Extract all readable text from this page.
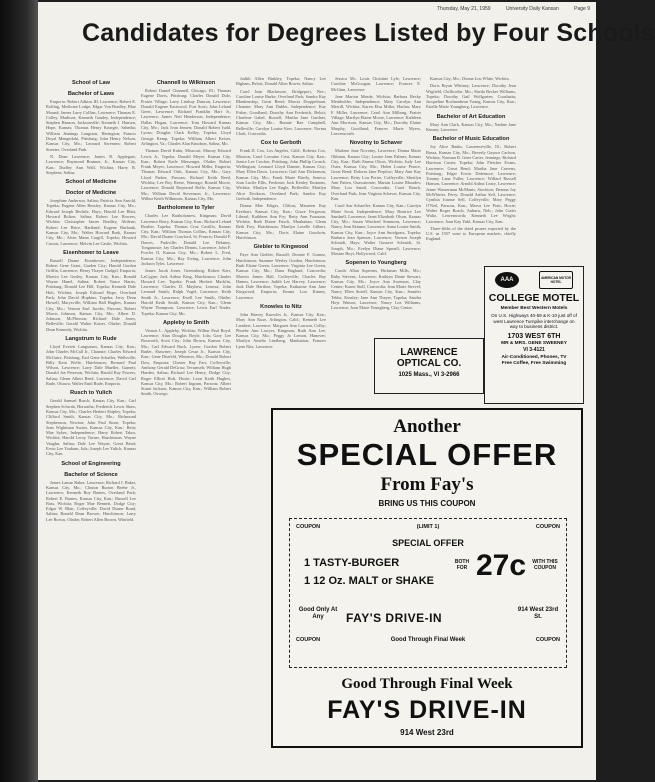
Thursday, May 21, 1959	University Daily Kansan	Page 9
Candidates for Degrees Listed by Four Schools
School of Law
Bachelor of Laws

Emporia: Robert Adkins III, Lawrence; Robert E. Rolfing, Medicine Lodge; Edgar Von Bradley, Blue Mound; James Larry Collins, Lawrence; Thomas E. Colley, Madison; Kenneth Gaudey, Independence; Stephen Hanson, Jacksonville; Kenneth J. Hansen, Hope, Kansas; Thomas Henry Krueger, Sabetha; William Jennings Langston, Herington; Francis Doyal Mengedoht, Pittsburg; John Henry Nelson, Kansas City, Mo.; Leonard Sorensen; Robert Streeter, Overland Park.

N. Dean Lawrence; James R. Applegate, Lawrence; Raymond Brunner, Jr., Kansas City, Kan.; Dudley Ann Wall, Wichita; Harry R. Stephens, Salina.

School of Medicine
Doctor of Medicine

Josephine Anderson, Salina; Patricia Ann Arnold, Topeka; Eugene Allen Beasley, Kansas City, Mo.; Edward Joseph Bechtle, Hays; Harold Lee Blatt, Howard Bolton, Salina; Robert Lee Bowers, Wichita; Christopher James Bradley, Abilene; Robert Lee Brice, Hartland; Eugene Burbank, Kansas City, Mo.; Walter Howard Burk, Kansas City, Mo.; Alvin Mann Cargill, Topeka; Howard Carson, Lawrence; Melvin Lee Castle, Wichita.

Eisenhower to Leave

Russell Duane Eisenhower, Independence; Robert Gene Grant, Garden City; Harold Gordon Griffin, Lawrence; Henry Thayer Gudgel, Emporia; Marvin Lee Gurley, Kansas City, Kan.; Ronald Wayne Hanel, Salina; Robert Vance Harris, Pittsburg; Donald Lee Hill, Topeka; Kenneth Dale Holt, Wichita; Joseph Edward Hope, Overland Park; John David Hopkins, Topeka; Jerry Dean Howell, Marysville; William Hall Hughes, Kansas City, Mo.; Vernon Earl Jacobs, Parsons; Robert Morris Johnson, Kansas City, Mo.; Albert D. Johnson, McPherson; Richard Dale Jones, Belleville; Gerald Walter Kaiser, Olathe; Donald Dean Kennedy, Wichita.

Langstrum to Rude

Lloyd Everett Langstrum, Kansas City, Kan.; John Charles McCall Jr., Chanute; Charles Edward McGuire, Pittsburg; Earl Gene Schaffer, Wellsville; Billy Kent Wolfe, Hutchinson; Bernard Paul Wilson, Lawrence; Larry Dale Mueller, Garnett; Donald Joe Peterson, Wichita; Harold Ray Powers, Salina; Glenn Albert Reed, Lawrence; David Carl Rude, Ottawa; Walter Emil Rude, Emporia.

Rusch to Yulich

Gerald Samuel Rusch, Kansas City, Kan.; Carl Stephen Schwab, Hiawatha; Frederick Lewis Shaw, Kansas City, Mo.; Charles Herbert Shipley, Topeka; Clifford Smith, Kansas City, Mo.; Richmond Stephenson, Newton; John Paul Stone, Topeka; Jean Wightman Swain, Kansas City, Kan.; Betty Mae Sykes, Independence; Harry Robert Tabor, Wichita; Harold Leroy Turner, Hutchinson; Wayne Vaughn, Salina; Dale Lee Wayne, Great Bend; Ervin Lee Yoakum, Iola; Joseph Lee Yulich, Kansas City, Kan.

School of Engineering
Bachelor of Science

James Lamar Baker, Lawrence; Richard J. Baker, Kansas City, Mo.; Clinton Burton Beebe Jr., Lawrence; Kenneth Roy Barnes, Overland Park; Robert E. Barnes, Kansas City, Kan.; Russell Lee Bass, Wichita; Roger Mae Bennett, Dodge City; Edgar W. Blair, Coffeyville; David Duane Bond, Salina; Ronald Dean Brower, Hutchinson; Larry Lee Brown, Olathe; Robert Allen Brown, Winfield.

Channell to Wilkinson

Robert Daniel Channell, Chicago, Ill.; Thomas Eugene Davis, Pittsburg; Charles Donald Dole, Prairie Village; Larry Lindsay Duncan, Lawrence; Donald Eugene Eastwood, Fort Scott; John Leland Greer, Lawrence; Richard Franklin Hart Jr., Lawrence; James Neil Henderson, Independence; Dallas Hogan, Lawrence; Tom Howard Kansas City, Mo.; Jack Ivan Jensen; Donald Robert Judd, Lyons; Douglas Clark Kelley, Topeka; Lloyd George Kemp, Topeka; William Albert Keiser, Arlington, Va.; Charles Alan Knudson, Salina, Mo.

Thomas David Kuhn, Missouri; Murray Edward Lewis Jr., Topeka; Donald Meyer, Kansas City, Kan.; Robert Karle Messenger, Olathe; Robert Frank Meyer, Lawrence; Howard Miller, Emporia; Thomas Edward Orth, Kansas City, Mo.; Gary Lloyd Parker, Parsons; Richard Keith Reed, Wichita; Lee Roy Reese, Wamego; Ronald Moore, Lawrence; Donald Raymond Rolfe, Kansas City, Mo.; William David Stevenson, Jr., Lawrence; Wilbur Keith Wilkinson, Kansas City, Mo.

Bartholomew to Tyler

Charles Lee Bartholomew, Kingman; David Lawrence Berry, Kansas City, Kan.; Richard Leland Boulter, Topeka; Thomas Cruz Castillo, Kansas City, Kan.; William Thomas Collins, Kansas City, Mo.; David Duane Crawford, St. Francis; Donald F. Dawes, Parkville; Donald Lee Delaney, Tonganoxie; Jay Charles Dennis, Lawrence; John F. Fowler II, Kansas City, Mo.; Robert L. Fred, Kansas City, Mo.; Ray Ewing, Lawrence; John Jackson Tyler, Lawrence.

James Jacob Jones, Greensburg; Robert Kerr, LaCygne; Jack Arthur King, Hutchinson; Charles Howard Lee, Topeka; Frank Herbert Macklin, Lawrence; Charles D. Mayhew, Lenexa; John Leonard Smith; Ralph Vogel, Lawrence; Keith Smith Jr., Lawrence; Ewell Lee Smith, Olathe; Harold Keith Smith, Kansas City, Kan.; Glenn Wayne Thompson, Lawrence; Lewis Earl Tinder, Topeka; Kansas City, Mo.

Appleby to Smith

Vernon L. Appleby, Wichita; Wilbur Paul Boyd, Lawrence; Alan Douglas Boyle, Iola; Gary Lee Bosworth, Scott City; John Brown, Kansas City, Mo.; Carl Edward Buck, Lyons; Gordon Robert Butler, Shawnee; Joseph Cesar Jr., Kansas City, Kan.; Gene Ditzfeld, Wheaton, Mo.; Donald Robert Dow, Emporia; Chester Ray Farr, Coffeyville; Anthony Gerald DeGraw, Tecumseh; William Hugh Harden, Salina; Richard Lee Henry, Dodge City; Roger Elliott Holt, Hoxie; Leon Keith Hughes, Kansas City, Mo.; Robert Ingram, Parsons; Albert Stuart Jackson, Kansas City, Kan.; William Robert Smith, Oswego.

Judith Allen Binkley, Topeka; Nancy Lee Bigham, Beloit; Donald Allen Bower, Salina.

Carol Jean Blackmore, Bridgeport, Nev.; Caroline Louise Burke, Overland Park; Sandra Kay Blankenship, Great Bend; Marcia Droppelman, Chanute; Mary Ann Dubler, Independence; Kay Fisher, Goodland; Dorothy Ann Frederick, Beloit; Charlene Gabel, Russell; Martha Jane Gardner, Kansas City, Mo.; Bonnie Rae Campbell, Belleville; Carolyn Louise Kerr, Lawrence; Norma Clark, Concordia.

Cox to Gerboth

Frank D. Cox, Los Angeles, Calif.; Roberta Cox, Mission; Carol Lorraine Crist, Kansas City, Kan.; Janice Lee Crocker, Pittsburg; John Phillip Crouch, Wellington; Leonard Lloyd Danner, Kansas City; Mary Ellen Davis, Lawrence; Gail Ann Dickenson, Kansas City, Mo.; Frank Marie Eberly, Seneca; Joan Lucile Ellis, Fredonia; Jack Kenley Emmons, Wichita; Marilyn Lee Engle, Belleville; Marilyn Alice Erickson, Overland Park; Sandra Kay Gerboth, Independence.

Donna Mae Ediger, Clifton; Maureen Kay Everhart, Kansas City, Kan.; Grace Ferguson, Liberal; Kathleen Ann Fry; Betty Ann Fountain, Wichita; Ruth Elaine Frisch, Manhattan; Glenn Beth Frey, Hutchinson; Marilyn Lavelle Gilbert, Kansas City, Mo.; Doris Elaine Goodwin, Hutchinson.

Giebler to Kingwood

Faye Ann Giebler, Russell; Donnie F. Gomez, Hutchinson; Suzanne Wesley Gorden, Hutchinson; Ruth Elaine Green, Lawrence; Virginia Lee Green, Kansas City, Mo.; Dana Haglund, Concordia; Marvin James Hall, Coffeyville; Charles Ray Hamm, Lawrence; Judith Lee Harvey, Lawrence; Jack Dale Hartline, Topeka; Katharine Ann Jane Kingwood, Emporia; Emma Lou Kinney, Lawrence.

Knowles to Nitz

John Harvey Knowles Jr., Kansas City, Kan.; Mary Ann Kuse, Arlington, Calif.; Kenneth Lee Lambert, Lawrence; Margaret Ann Lawson, Colby; Phoebe Ann Lawyer, Kingman; Ruth Ann Lee, Kansas City, Mo.; Peggy Jo Lemon, Hanover; Marilyn Amelia Lindberg, Manhattan; Frances Lynn Nitz, Lawrence.

Jessica Mc. Louis Christine Lyle, Lawrence; Caroline McGoogan, Lawrence; Frances E. McGinn, Lawrence.

Jane Marion Meade, Wichita; Barbara Becky Meinbolder, Independence; Mary Carolyn Ann Merrill, Wichita; Karen Elsa Miller, Harlan; Mary F. Miller, Lawrence; Carol Ann Milburg, Prairie Village; Marilyn Elaine Moore, Lawrence; Kathleen Ann Morrison, Kansas City, Mo.; Dorothy Elaine Murphy, Goodland; Frances Marie Myers, Leavenworth.

Novotny to Schaver

Marlene Jane Novotny, Lawrence; Donna Marie Ohlman, Kansas City; Louise Jean Palmer, Kansas City, Kan.; Ruth Emma Olson, Wichita; Judy Lee Oster, Kansas City, Mo.; Helen Louise Pearce, Great Bend; Dolores Jane Pieplow; Mary Ann Kay Lawrence; Betty Lou Porter, Coffeyville; Sherilyn Ann Patten, Osawatomie; Marian Louise Rhoades; Mary Lou Sandt, Concordia; Carol Ranch, Overland Park; Jean Virginia Schaver, Kansas City, Kan.

Carol Sue Schaeffer, Kansas City, Kan.; Carolyn Marie Scott, Independence; Mary Beatrice Lee Sandaell, Lawrence; Janet Elizabeth Olson, Kansas City, Mo.; Susan Winifred Simmons, Lawrence; Nancy Jean Skinner, Lawrence; Anna Louise Smith, Kansas City, Kan.; Joyce Ann Snodgrass, Topeka; Barbara Jean Spencer, Lawrence; Vernon Joseph Schmidt, Hays; Walter Gustave Schmidt, St. Joseph, Mo.; Evelyn Diane Spruell, Lawrence; Maxine Hoyt, Hollywood, Calif.

Sopenen to Youngberg

Carole Allan Sopenen, Hickman Mills, Mo.; Ruby Stevens, Lawrence; Kathryn Diane Stewart, Kansas City, Mo.; Joyce Ann Swenson, Clay Center; Karen Stoll, Concordia; Jean Marie Strevel; Nancy Ellen Strieff, Kansas City, Kan.; Jennifer Tebbe, Kinsley; Jane Ann Thayer, Topeka; Sandra Hoyt Watson, Lawrence; Nancy Lea Williams, Lawrence; Joan Marie Youngberg, Clay Center.

Kansas City, Mo.; Donna Lou White, Wichita.

Doris Bryan Whitney, Lawrence; Dorothy Jean Wigfield, Chillicothe, Mo.; Sheila Becker Williams, Topeka; Dorothy Gail Wollgarten, Coushatta; Jacqueline Rochambeau Young, Kansas City, Kan.; Estelle Marie Youngberg, Lawrence.

Bachelor of Art Education

Mary Ann Clark, Kansas City, Mo.; Nadine Jane Kinney, Lawrence.

Bachelor of Music Education

Joy Alice Banks, Lawrenceville, Ill.; Robert Bussa, Kansas City, Mo.; Beverly Gaynor Carlson, Wichita; Norman D. Gene Carter, Jennings; Richard Harrison Custer, Topeka; John Fletcher Evans, Lawrence; Great Bend; Martha Jane Cravens, Pittsburg; Edgar Erwin Dittemore, Lawrence; Tommy Lane Fuller, Lawrence; Willard Russell Hanson, Lawrence; Arnold Arthur Leary, Lawrence; Jaime Wasserman McManis, Stockton; Deanna Joy McWhirter, Perry; Donald Arthur Sell, Lawrence; Cynthia Joanne Sell, Coffeyville; Mary Peggy O'Neil, Parsons, Kan.; Marva Lee Pratt, Hoxie; Walter Roger Roach, Auburn, Neb.; John Curtis Waltz, Leavenworth; Kenneth Lee Wright; Lawrence; Joan Kay Yukl, Kansas City, Kan.

Three-fifths of the dried prunes exported by the U.S. in 1957 went to European markets, chiefly England.

LAWRENCE
OPTICAL CO.
1025 Mass., VI 3-2966
AAA	AMERICAN MOTOR HOTEL
COLLEGE MOTEL
Member Best Western Motels
On U.S. Highways 40-59 & K-10 just off of west Lawrence Turnpike interchange on way to business district.
1703 WEST 6TH
MR & MRS. GENE SWEENEY
VI 3-4121
Air-Conditioned, Phones, TV
Free Coffee, Free Swimming
Another
SPECIAL OFFER
From Fay's
BRING US THIS COUPON
COUPON	(LIMIT 1)	COUPON
SPECIAL OFFER
1 TASTY-BURGER
1 12 Oz. MALT or SHAKE
BOTH FOR 27c	WITH THIS COUPON
Good Only At Any
COUPON
FAY'S DRIVE-IN
914 West 23rd St.
COUPON
Good Through Final Week
Good Through Final Week
FAY'S DRIVE-IN
914 West 23rd
